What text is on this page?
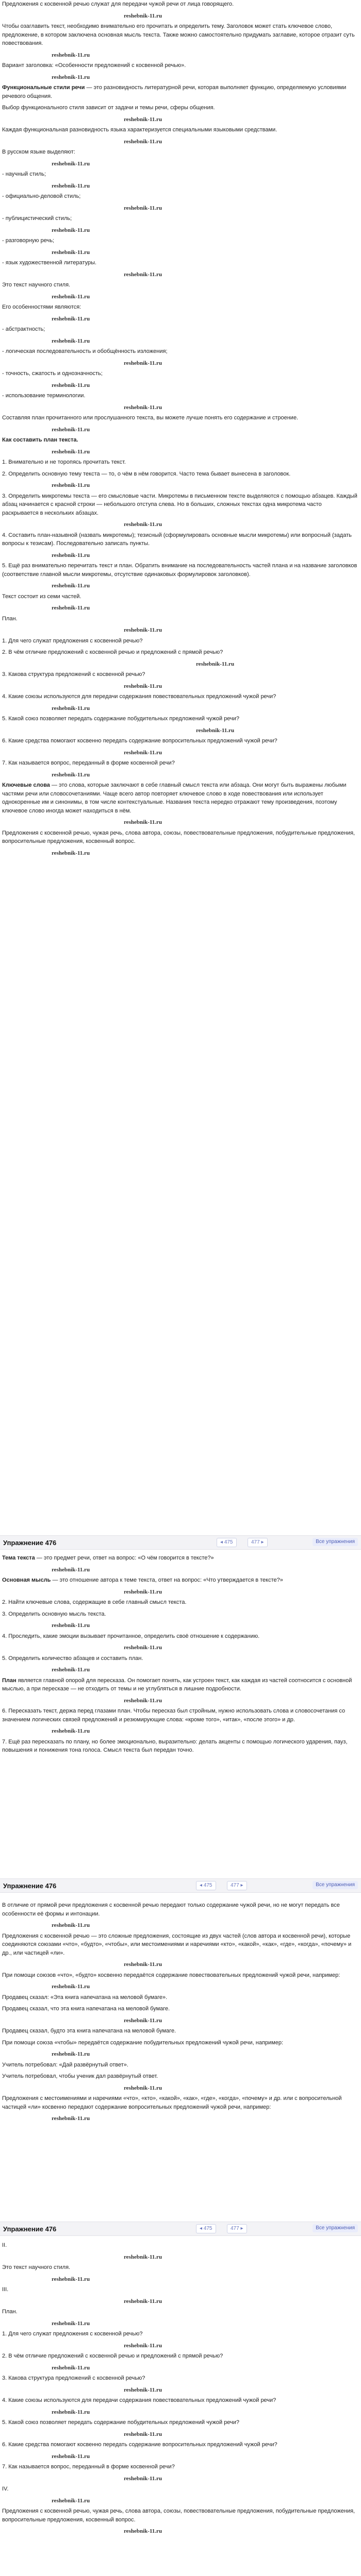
Предложения с косвенной речью служат для передачи чужой речи от лица говорящего.

reshebnik-11.ru

Чтобы озаглавить текст, необходимо внимательно его прочитать и определить тему. Заголовок может стать ключевое слово, предложение, в котором заключена основная мысль текста. Также можно самостоятельно придумать заглавие, которое отразит суть повествования.

reshebnik-11.ru

Вариант заголовка: «Особенности предложений с косвенной речью».

reshebnik-11.ru

Функциональные стили речи — это разновидность литературной речи, которая выполняет функцию, определяемую условиями речевого общения.

Выбор функционального стиля зависит от задачи и темы речи, сферы общения.

reshebnik-11.ru

Каждая функциональная разновидность языка характеризуется специальными языковыми средствами.

reshebnik-11.ru

В русском языке выделяют:

reshebnik-11.ru

- научный стиль;

reshebnik-11.ru

- официально-деловой стиль;

reshebnik-11.ru

- публицистический стиль;

reshebnik-11.ru

- разговорную речь;

reshebnik-11.ru

- язык художественной литературы.

reshebnik-11.ru

Это текст научного стиля.

reshebnik-11.ru

Его особенностями являются:

reshebnik-11.ru

- абстрактность;

reshebnik-11.ru

- логическая последовательность и обобщённость изложения;

reshebnik-11.ru

- точность, сжатость и однозначность;

reshebnik-11.ru

- использование терминологии.

reshebnik-11.ru

Составляя план прочитанного или прослушанного текста, вы можете лучше понять его содержание и строение.

reshebnik-11.ru

Как составить план текста.

reshebnik-11.ru

1. Внимательно и не торопясь прочитать текст.

2. Определить основную тему текста — то, о чём в нём говорится. Часто тема бывает вынесена в заголовок.

reshebnik-11.ru

3. Определить микротемы текста — его смысловые части. Микротемы в письменном тексте выделяются с помощью абзацев. Каждый абзац начинается с красной строки — небольшого отступа слева. Но в больших, сложных текстах одна микротема часто раскрывается в нескольких абзацах.

reshebnik-11.ru

4. Составить план-назывной (назвать микротемы); тезисный (сформулировать основные мысли микротемы) или вопросный (задать вопросы к тезисам). Последовательно записать пункты.

reshebnik-11.ru

5. Ещё раз внимательно перечитать текст и план. Обратить внимание на последовательность частей плана и на название заголовков (соответствие главной мысли микротемы, отсутствие одинаковых формулировок заголовков).

reshebnik-11.ru

Текст состоит из семи частей.

reshebnik-11.ru

План.

reshebnik-11.ru

1. Для чего служат предложения с косвенной речью?

2. В чём отличие предложений с косвенной речью и предложений с прямой речью?

reshebnik-11.ru

3. Какова структура предложений с косвенной речью?

reshebnik-11.ru

4. Какие союзы используются для передачи содержания повествовательных предложений чужой речи?

reshebnik-11.ru

5. Какой союз позволяет передать содержание побудительных предложений чужой речи?

reshebnik-11.ru

6. Какие средства помогают косвенно передать содержание вопросительных предложений чужой речи?

reshebnik-11.ru

7. Как называется вопрос, переданный в форме косвенной речи?

reshebnik-11.ru

Ключевые слова — это слова, которые заключают в себе главный смысл текста или абзаца. Они могут быть выражены любыми частями речи или словосочетаниями. Чаще всего автор повторяет ключевое слово в ходе повествования или использует однокоренные им и синонимы, в том числе контекстуальные. Названия текста нередко отражают тему произведения, поэтому ключевое слово иногда может находиться в нём.

reshebnik-11.ru

Предложения с косвенной речью, чужая речь, слова автора, союзы, повествовательные предложения, побудительные предложения, вопросительные предложения, косвенный вопрос.

reshebnik-11.ru
Упражнение 476	◂ 475	477 ▸	Все упражнения

Тема текста — это предмет речи, ответ на вопрос: «О чём говорится в тексте?»

reshebnik-11.ru

Основная мысль — это отношение автора к теме текста, ответ на вопрос: «Что утверждается в тексте?»

reshebnik-11.ru

2. Найти ключевые слова, содержащие в себе главный смысл текста.

3. Определить основную мысль текста.

reshebnik-11.ru

4. Проследить, какие эмоции вызывает прочитанное, определить своё отношение к содержанию.

reshebnik-11.ru

5. Определить количество абзацев и составить план.

reshebnik-11.ru

План является главной опорой для пересказа. Он помогает понять, как устроен текст, как каждая из частей соотносится с основной мыслью, а при пересказе — не отходить от темы и не углубляться в лишние подробности.

reshebnik-11.ru

6. Пересказать текст, держа перед глазами план. Чтобы пересказ был стройным, нужно использовать слова и словосочетания со значением логических связей предложений и резюмирующие слова: «кроме того», «итак», «после этого» и др.

reshebnik-11.ru

7. Ещё раз пересказать по плану, но более эмоционально, выразительно: делать акценты с помощью логического ударения, пауз, повышения и понижения тона голоса. Смысл текста был передан точно.

Упражнение 476	◂ 475	477 ▸	Все упражнения

В отличие от прямой речи предложения с косвенной речью передают только содержание чужой речи, но не могут передать все особенности её формы и интонации.

reshebnik-11.ru

Предложения с косвенной речью — это сложные предложения, состоящие из двух частей (слов автора и косвенной речи), которые соединяются союзами «что», «будто», «чтобы», или местоимениями и наречиями «кто», «какой», «как», «где», «когда», «почему» и др., или частицей «ли».

reshebnik-11.ru

При помощи союзов «что», «будто» косвенно передаётся содержание повествовательных предложений чужой речи, например:

reshebnik-11.ru

Продавец сказал: «Эта книга напечатана на меловой бумаге».

Продавец сказал, что эта книга напечатана на меловой бумаге.

reshebnik-11.ru

Продавец сказал, будто эта книга напечатана на меловой бумаге.

При помощи союза «чтобы» передаётся содержание побудительных предложений чужой речи, например:

reshebnik-11.ru

Учитель потребовал: «Дай развёрнутый ответ».

Учитель потребовал, чтобы ученик дал развёрнутый ответ.

reshebnik-11.ru

Предложения с местоимениями и наречиями «что», «кто», «какой», «как», «где», «когда», «почему» и др. или с вопросительной частицей «ли» косвенно передают содержание вопросительных предложений чужой речи, например:

reshebnik-11.ru
Упражнение 476	◂ 475	477 ▸	Все упражнения

II.

reshebnik-11.ru

Это текст научного стиля.

reshebnik-11.ru

III.

reshebnik-11.ru

План.

reshebnik-11.ru

1. Для чего служат предложения с косвенной речью?

reshebnik-11.ru

2. В чём отличие предложений с косвенной речью и предложений с прямой речью?

reshebnik-11.ru

3. Какова структура предложений с косвенной речью?

reshebnik-11.ru

4. Какие союзы используются для передачи содержания повествовательных предложений чужой речи?

reshebnik-11.ru

5. Какой союз позволяет передать содержание побудительных предложений чужой речи?

reshebnik-11.ru

6. Какие средства помогают косвенно передать содержание вопросительных предложений чужой речи?

reshebnik-11.ru

7. Как называется вопрос, переданный в форме косвенной речи?

reshebnik-11.ru

IV.

reshebnik-11.ru

Предложения с косвенной речью, чужая речь, слова автора, союзы, повествовательные предложения, побудительные предложения, вопросительные предложения, косвенный вопрос.

reshebnik-11.ru
